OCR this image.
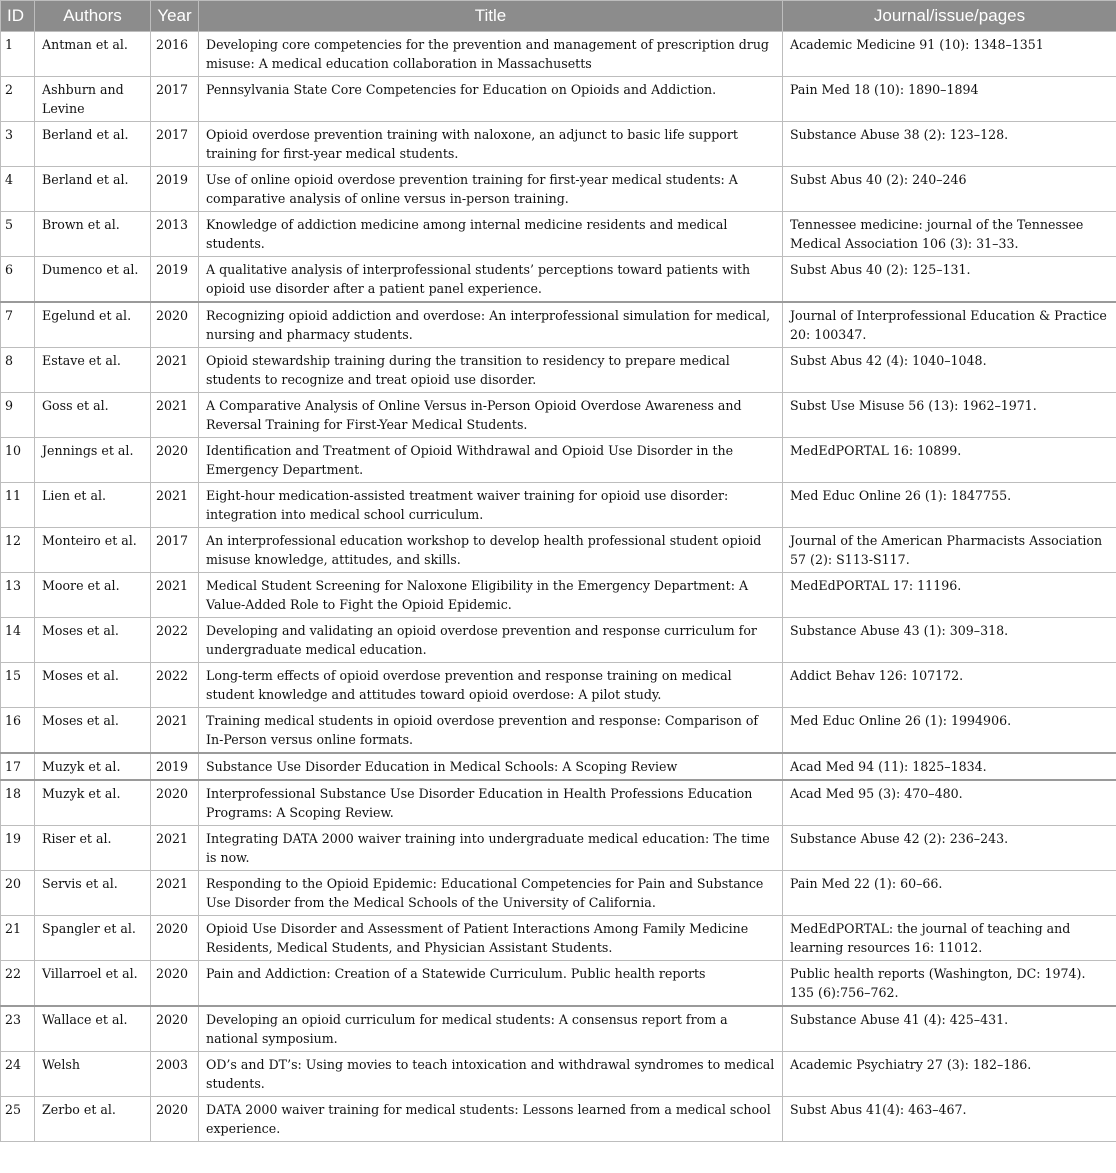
ID	Authors	Year	Title	Journal/issue/pages
1	Antman et al.	2016	Developing core competencies for the prevention and management of prescription drug misuse: A medical education collaboration in Massachusetts	Academic Medicine 91 (10): 1348–1351
2	Ashburn and Levine	2017	Pennsylvania State Core Competencies for Education on Opioids and Addiction.	Pain Med 18 (10): 1890–1894
3	Berland et al.	2017	Opioid overdose prevention training with naloxone, an adjunct to basic life support training for first-year medical students.	Substance Abuse 38 (2): 123–128.
4	Berland et al.	2019	Use of online opioid overdose prevention training for first-year medical students: A comparative analysis of online versus in-person training.	Subst Abus 40 (2): 240–246
5	Brown et al.	2013	Knowledge of addiction medicine among internal medicine residents and medical students.	Tennessee medicine: journal of the Tennessee Medical Association 106 (3): 31–33.
6	Dumenco et al.	2019	A qualitative analysis of interprofessional students’ perceptions toward patients with opioid use disorder after a patient panel experience.	Subst Abus 40 (2): 125–131.
7	Egelund et al.	2020	Recognizing opioid addiction and overdose: An interprofessional simulation for medical, nursing and pharmacy students.	Journal of Interprofessional Education & Practice 20: 100347.
8	Estave et al.	2021	Opioid stewardship training during the transition to residency to prepare medical students to recognize and treat opioid use disorder.	Subst Abus 42 (4): 1040–1048.
9	Goss et al.	2021	A Comparative Analysis of Online Versus in-Person Opioid Overdose Awareness and Reversal Training for First-Year Medical Students.	Subst Use Misuse 56 (13): 1962–1971.
10	Jennings et al.	2020	Identification and Treatment of Opioid Withdrawal and Opioid Use Disorder in the Emergency Department.	MedEdPORTAL 16: 10899.
11	Lien et al.	2021	Eight-hour medication-assisted treatment waiver training for opioid use disorder: integration into medical school curriculum.	Med Educ Online 26 (1): 1847755.
12	Monteiro et al.	2017	An interprofessional education workshop to develop health professional student opioid misuse knowledge, attitudes, and skills.	Journal of the American Pharmacists Association 57 (2): S113-S117.
13	Moore et al.	2021	Medical Student Screening for Naloxone Eligibility in the Emergency Department: A Value-Added Role to Fight the Opioid Epidemic.	MedEdPORTAL 17: 11196.
14	Moses et al.	2022	Developing and validating an opioid overdose prevention and response curriculum for undergraduate medical education.	Substance Abuse 43 (1): 309–318.
15	Moses et al.	2022	Long-term effects of opioid overdose prevention and response training on medical student knowledge and attitudes toward opioid overdose: A pilot study.	Addict Behav 126: 107172.
16	Moses et al.	2021	Training medical students in opioid overdose prevention and response: Comparison of In-Person versus online formats.	Med Educ Online 26 (1): 1994906.
17	Muzyk et al.	2019	Substance Use Disorder Education in Medical Schools: A Scoping Review	Acad Med 94 (11): 1825–1834.
18	Muzyk et al.	2020	Interprofessional Substance Use Disorder Education in Health Professions Education Programs: A Scoping Review.	Acad Med 95 (3): 470–480.
19	Riser et al.	2021	Integrating DATA 2000 waiver training into undergraduate medical education: The time is now.	Substance Abuse 42 (2): 236–243.
20	Servis et al.	2021	Responding to the Opioid Epidemic: Educational Competencies for Pain and Substance Use Disorder from the Medical Schools of the University of California.	Pain Med 22 (1): 60–66.
21	Spangler et al.	2020	Opioid Use Disorder and Assessment of Patient Interactions Among Family Medicine Residents, Medical Students, and Physician Assistant Students.	MedEdPORTAL: the journal of teaching and learning resources 16: 11012.
22	Villarroel et al.	2020	Pain and Addiction: Creation of a Statewide Curriculum. Public health reports	Public health reports (Washington, DC: 1974). 135 (6):756–762.
23	Wallace et al.	2020	Developing an opioid curriculum for medical students: A consensus report from a national symposium.	Substance Abuse 41 (4): 425–431.
24	Welsh	2003	OD’s and DT’s: Using movies to teach intoxication and withdrawal syndromes to medical students.	Academic Psychiatry 27 (3): 182–186.
25	Zerbo et al.	2020	DATA 2000 waiver training for medical students: Lessons learned from a medical school experience.	Subst Abus 41(4): 463–467.
